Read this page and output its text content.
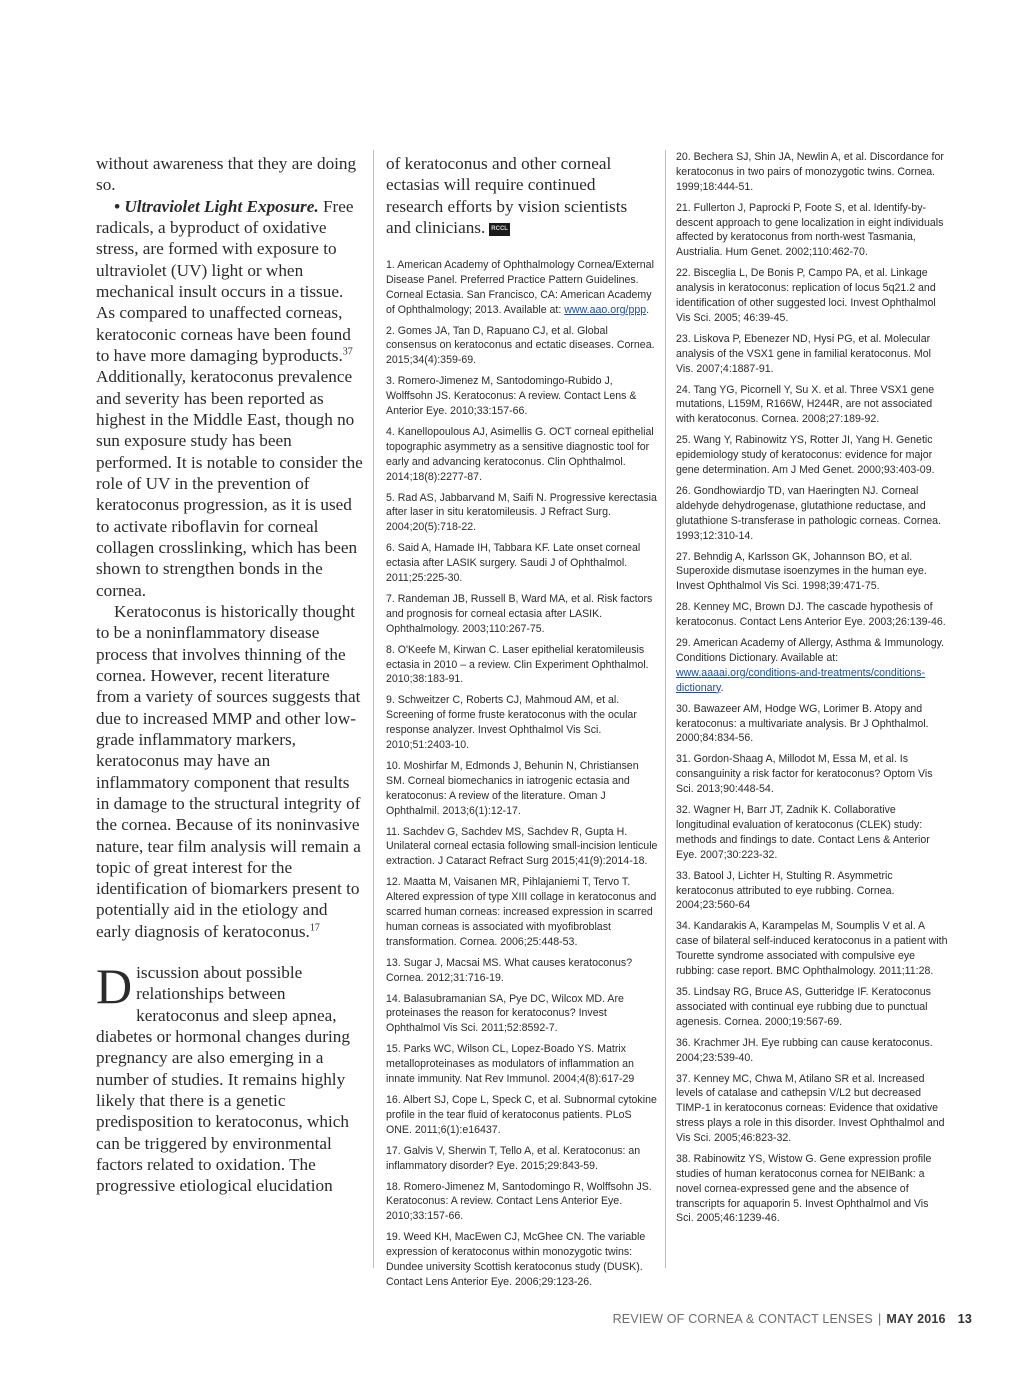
without awareness that they are doing so.

• Ultraviolet Light Exposure. Free radicals, a byproduct of oxidative stress, are formed with exposure to ultraviolet (UV) light or when mechanical insult occurs in a tissue. As compared to unaffected corneas, keratoconic corneas have been found to have more damaging byproducts.$^{37}$ Additionally, keratoconus prevalence and severity has been reported as highest in the Middle East, though no sun exposure study has been performed. It is notable to consider the role of UV in the prevention of keratoconus progression, as it is used to activate riboflavin for corneal collagen crosslinking, which has been shown to strengthen bonds in the cornea.

Keratoconus is historically thought to be a noninflammatory disease process that involves thinning of the cornea. However, recent literature from a variety of sources suggests that due to increased MMP and other low-grade inflammatory markers, keratoconus may have an inflammatory component that results in damage to the structural integrity of the cornea. Because of its noninvasive nature, tear film analysis will remain a topic of great interest for the identification of biomarkers present to potentially aid in the etiology and early diagnosis of keratoconus.$^{17}$

Discussion about possible relationships between keratoconus and sleep apnea, diabetes or hormonal changes during pregnancy are also emerging in a number of studies. It remains highly likely that there is a genetic predisposition to keratoconus, which can be triggered by environmental factors related to oxidation. The progressive etiological elucidation

of keratoconus and other corneal ectasias will require continued research efforts by vision scientists and clinicians. RCCL
1. American Academy of Ophthalmology Cornea/External Disease Panel. Preferred Practice Pattern Guidelines. Corneal Ectasia. San Francisco, CA: American Academy of Ophthalmology; 2013. Available at: www.aao.org/ppp.
2. Gomes JA, Tan D, Rapuano CJ, et al. Global consensus on keratoconus and ectatic diseases. Cornea. 2015;34(4):359-69.
3. Romero-Jimenez M, Santodomingo-Rubido J, Wolffsohn JS. Keratoconus: A review. Contact Lens & Anterior Eye. 2010;33:157-66.
4. Kanellopoulous AJ, Asimellis G. OCT corneal epithelial topographic asymmetry as a sensitive diagnostic tool for early and advancing keratoconus. Clin Ophthalmol. 2014;18(8):2277-87.
5. Rad AS, Jabbarvand M, Saifi N. Progressive kerectasia after laser in situ keratomileusis. J Refract Surg. 2004;20(5):718-22.
6. Said A, Hamade IH, Tabbara KF. Late onset corneal ectasia after LASIK surgery. Saudi J of Ophthalmol. 2011;25:225-30.
7. Randeman JB, Russell B, Ward MA, et al. Risk factors and prognosis for corneal ectasia after LASIK. Ophthalmology. 2003;110:267-75.
8. O'Keefe M, Kirwan C. Laser epithelial keratomileusis ectasia in 2010 – a review. Clin Experiment Ophthalmol. 2010;38:183-91.
9. Schweitzer C, Roberts CJ, Mahmoud AM, et al. Screening of forme fruste keratoconus with the ocular response analyzer. Invest Ophthalmol Vis Sci. 2010;51:2403-10.
10. Moshirfar M, Edmonds J, Behunin N, Christiansen SM. Corneal biomechanics in iatrogenic ectasia and keratoconus: A review of the literature. Oman J Ophthalmil. 2013;6(1):12-17.
11. Sachdev G, Sachdev MS, Sachdev R, Gupta H. Unilateral corneal ectasia following small-incision lenticule extraction. J Cataract Refract Surg 2015;41(9):2014-18.
12. Maatta M, Vaisanen MR, Pihlajaniemi T, Tervo T. Altered expression of type XIII collage in keratoconus and scarred human corneas: increased expression in scarred human corneas is associated with myofibroblast transformation. Cornea. 2006;25:448-53.
13. Sugar J, Macsai MS. What causes keratoconus? Cornea. 2012;31:716-19.
14. Balasubramanian SA, Pye DC, Wilcox MD. Are proteinases the reason for keratoconus? Invest Ophthalmol Vis Sci. 2011;52:8592-7.
15. Parks WC, Wilson CL, Lopez-Boado YS. Matrix metalloproteinases as modulators of inflammation an innate immunity. Nat Rev Immunol. 2004;4(8):617-29
16. Albert SJ, Cope L, Speck C, et al. Subnormal cytokine profile in the tear fluid of keratoconus patients. PLoS ONE. 2011;6(1):e16437.
17. Galvis V, Sherwin T, Tello A, et al. Keratoconus: an inflammatory disorder? Eye. 2015;29:843-59.
18. Romero-Jimenez M, Santodomingo R, Wolffsohn JS. Keratoconus: A review. Contact Lens Anterior Eye. 2010;33:157-66.
19. Weed KH, MacEwen CJ, McGhee CN. The variable expression of keratoconus within monozygotic twins: Dundee university Scottish keratoconus study (DUSK). Contact Lens Anterior Eye. 2006;29:123-26.
20. Bechera SJ, Shin JA, Newlin A, et al. Discordance for keratoconus in two pairs of monozygotic twins. Cornea. 1999;18:444-51.
21. Fullerton J, Paprocki P, Foote S, et al. Identify-by-descent approach to gene localization in eight individuals affected by keratoconus from north-west Tasmania, Austrialia. Hum Genet. 2002;110:462-70.
22. Bisceglia L, De Bonis P, Campo PA, et al. Linkage analysis in keratoconus: replication of locus 5q21.2 and identification of other suggested loci. Invest Ophthalmol Vis Sci. 2005; 46:39-45.
23. Liskova P, Ebenezer ND, Hysi PG, et al. Molecular analysis of the VSX1 gene in familial keratoconus. Mol Vis. 2007;4:1887-91.
24. Tang YG, Picornell Y, Su X. et al. Three VSX1 gene mutations, L159M, R166W, H244R, are not associated with keratoconus. Cornea. 2008;27:189-92.
25. Wang Y, Rabinowitz YS, Rotter JI, Yang H. Genetic epidemiology study of keratoconus: evidence for major gene determination. Am J Med Genet. 2000;93:403-09.
26. Gondhowiardjo TD, van Haeringten NJ. Corneal aldehyde dehydrogenase, glutathione reductase, and glutathione S-transferase in pathologic corneas. Cornea. 1993;12:310-14.
27. Behndig A, Karlsson GK, Johannson BO, et al. Superoxide dismutase isoenzymes in the human eye. Invest Ophthalmol Vis Sci. 1998;39:471-75.
28. Kenney MC, Brown DJ. The cascade hypothesis of keratoconus. Contact Lens Anterior Eye. 2003;26:139-46.
29. American Academy of Allergy, Asthma & Immunology. Conditions Dictionary. Available at: www.aaaai.org/conditions-and-treatments/conditions-dictionary.
30. Bawazeer AM, Hodge WG, Lorimer B. Atopy and keratoconus: a multivariate analysis. Br J Ophthalmol. 2000;84:834-56.
31. Gordon-Shaag A, Millodot M, Essa M, et al. Is consanguinity a risk factor for keratoconus? Optom Vis Sci. 2013;90:448-54.
32. Wagner H, Barr JT, Zadnik K. Collaborative longitudinal evaluation of keratoconus (CLEK) study: methods and findings to date. Contact Lens & Anterior Eye. 2007;30:223-32.
33. Batool J, Lichter H, Stulting R. Asymmetric keratoconus attributed to eye rubbing. Cornea. 2004;23:560-64
34. Kandarakis A, Karampelas M, Soumplis V et al. A case of bilateral self-induced keratoconus in a patient with Tourette syndrome associated with compulsive eye rubbing: case report. BMC Ophthalmology. 2011;11:28.
35. Lindsay RG, Bruce AS, Gutteridge IF. Keratoconus associated with continual eye rubbing due to punctual agenesis. Cornea. 2000;19:567-69.
36. Krachmer JH. Eye rubbing can cause keratoconus. 2004;23:539-40.
37. Kenney MC, Chwa M, Atilano SR et al. Increased levels of catalase and cathepsin V/L2 but decreased TIMP-1 in keratoconus corneas: Evidence that oxidative stress plays a role in this disorder. Invest Ophthalmol and Vis Sci. 2005;46:823-32.
38. Rabinowitz YS, Wistow G. Gene expression profile studies of human keratoconus cornea for NEIBank: a novel cornea-expressed gene and the absence of transcripts for aquaporin 5. Invest Ophthalmol and Vis Sci. 2005;46:1239-46.
REVIEW OF CORNEA & CONTACT LENSES | MAY 2016 13
